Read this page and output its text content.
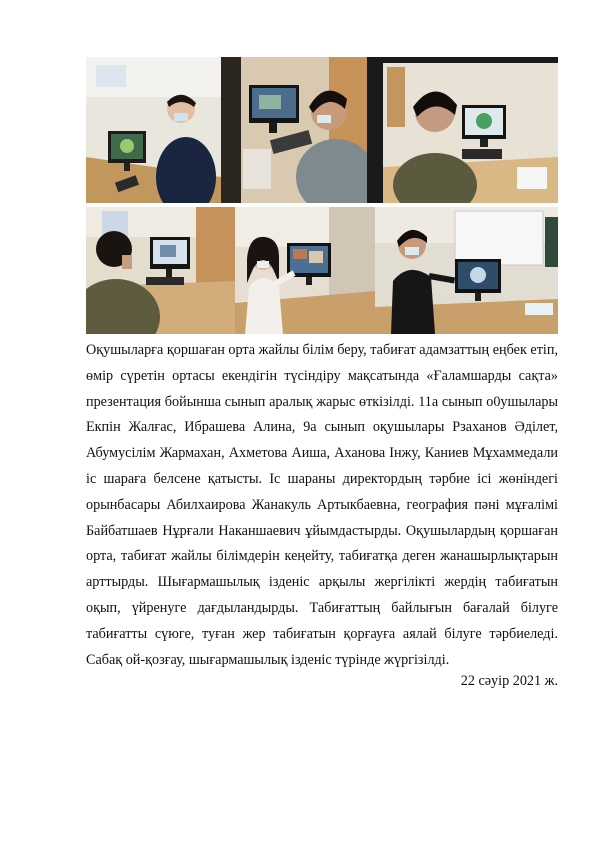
Оқушыларға қоршаған орта жайлы білім беру, табиғат адамзаттың еңбек етіп, өмір сүретін ортасы екендігін түсіндіру мақсатында «Ғаламшарды сақта» презентация бойынша сынып аралық жарыс өткізілді. 11а сынып о0ушылары Екпін Жалғас, Ибрашева Алина, 9а сынып оқушылары Рзаханов Әділет, Абумусілім Жармахан, Ахметова Аиша, Аханова Інжу, Каниев Мұхаммедали іс шараға белсене қатысты. Іс шараны директордың тәрбие ісі жөніндегі орынбасары Абилхаирова Жанакуль Артыкбаевна, география пәні мұғалімі Байбатшаев Нұрғали Наканшаевич ұйымдастырды. Оқушылардың қоршаған орта, табиғат жайлы білімдерін кеңейту, табиғатқа деген жанашырлықтарын арттырды. Шығармашылық ізденіс арқылы жергілікті жердің табиғатын оқып, үйренуге дағдыландырды. Табиғаттың байлығын бағалай білуге табиғатты сүюге, туған жер табиғатын қорғауға аялай білуге тәрбиеледі. Сабақ ой-қозғау, шығармашылық ізденіс түрінде жүргізілді.

22 сәуір 2021 ж.
